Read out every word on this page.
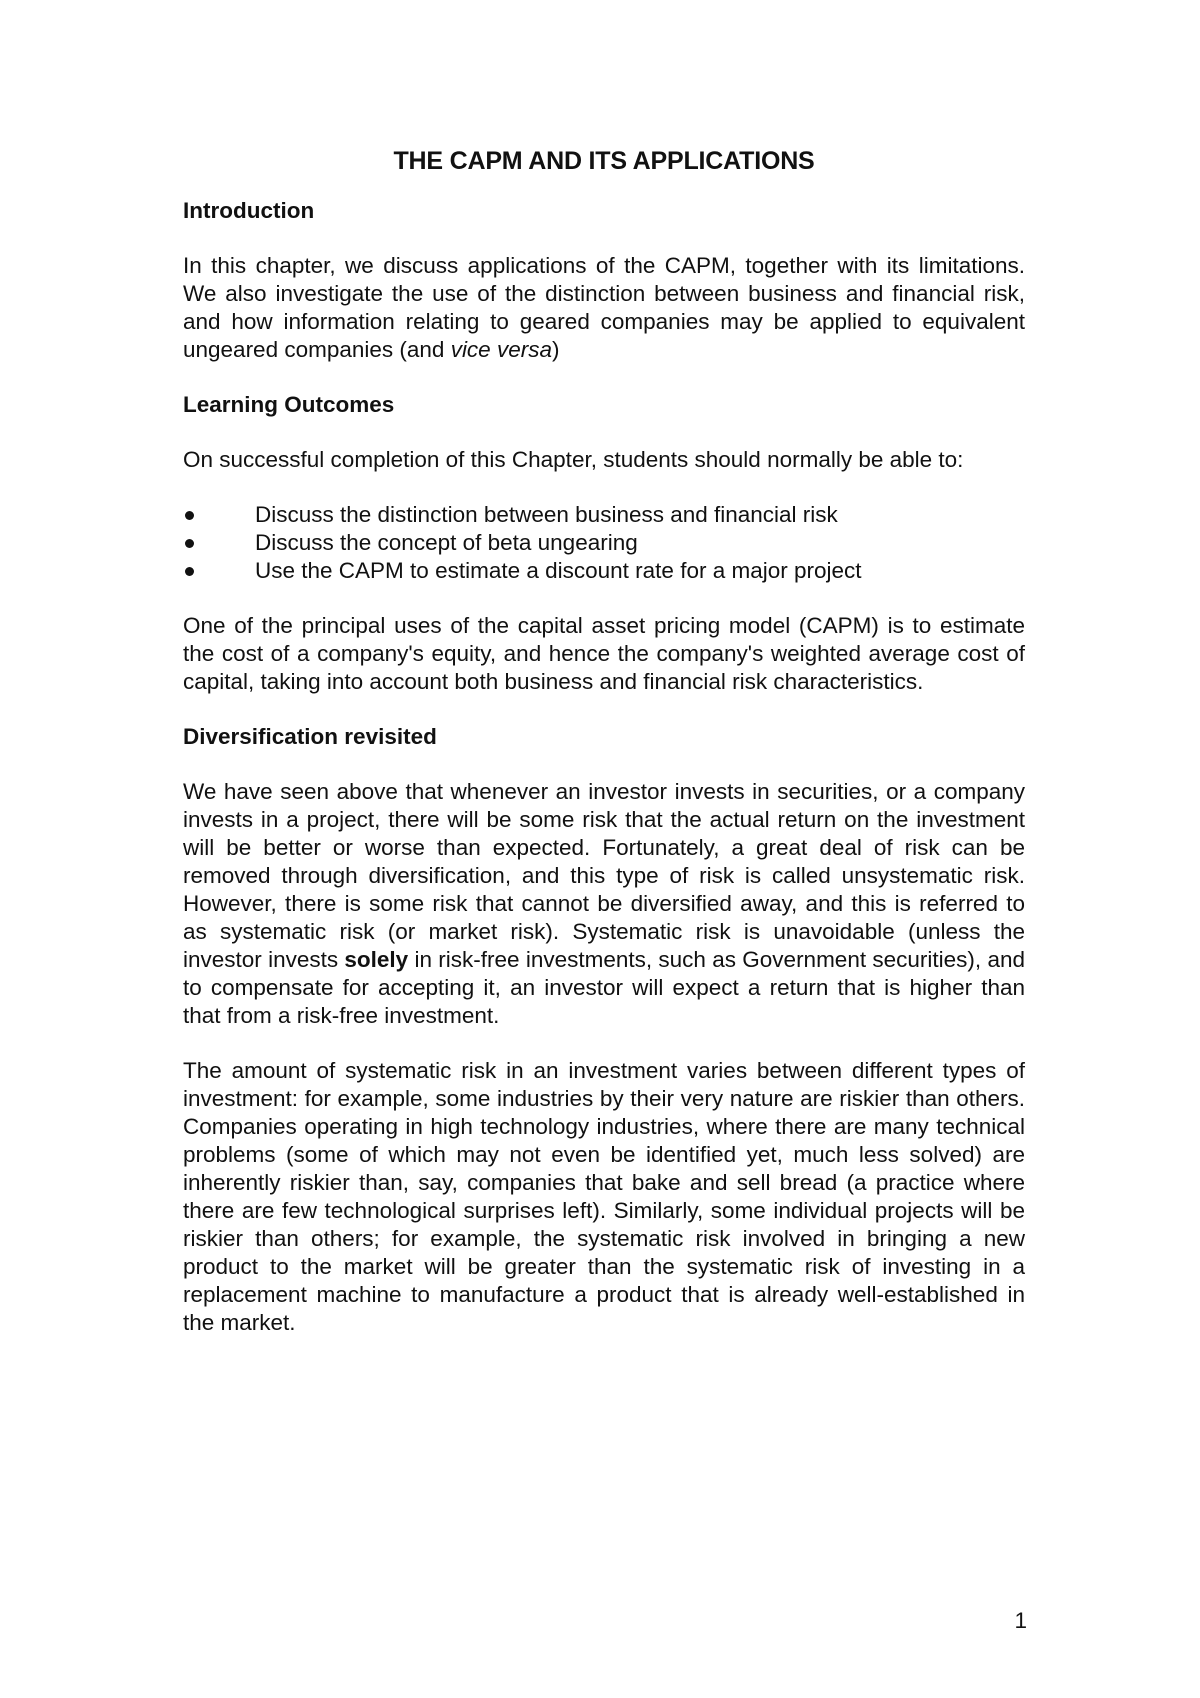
THE CAPM AND ITS APPLICATIONS
Introduction

In this chapter, we discuss applications of the CAPM, together with its limitations. We also investigate the use of the distinction between business and financial risk, and how information relating to geared companies may be applied to equivalent ungeared companies (and vice versa)

Learning Outcomes

On successful completion of this Chapter, students should normally be able to:

Discuss the distinction between business and financial risk
Discuss the concept of beta ungearing
Use the CAPM to estimate a discount rate for a major project

One of the principal uses of the capital asset pricing model (CAPM) is to estimate the cost of a company's equity, and hence the company's weighted average cost of capital, taking into account both business and financial risk characteristics.

Diversification revisited

We have seen above that whenever an investor invests in securities, or a company invests in a project, there will be some risk that the actual return on the investment will be better or worse than expected. Fortunately, a great deal of risk can be removed through diversification, and this type of risk is called unsystematic risk. However, there is some risk that cannot be diversified away, and this is referred to as systematic risk (or market risk). Systematic risk is unavoidable (unless the investor invests solely in risk-free investments, such as Government securities), and to compensate for accepting it, an investor will expect a return that is higher than that from a risk-free investment.

The amount of systematic risk in an investment varies between different types of investment: for example, some industries by their very nature are riskier than others. Companies operating in high technology industries, where there are many technical problems (some of which may not even be identified yet, much less solved) are inherently riskier than, say, companies that bake and sell bread (a practice where there are few technological surprises left). Similarly, some individual projects will be riskier than others; for example, the systematic risk involved in bringing a new product to the market will be greater than the systematic risk of investing in a replacement machine to manufacture a product that is already well-established in the market.

1
